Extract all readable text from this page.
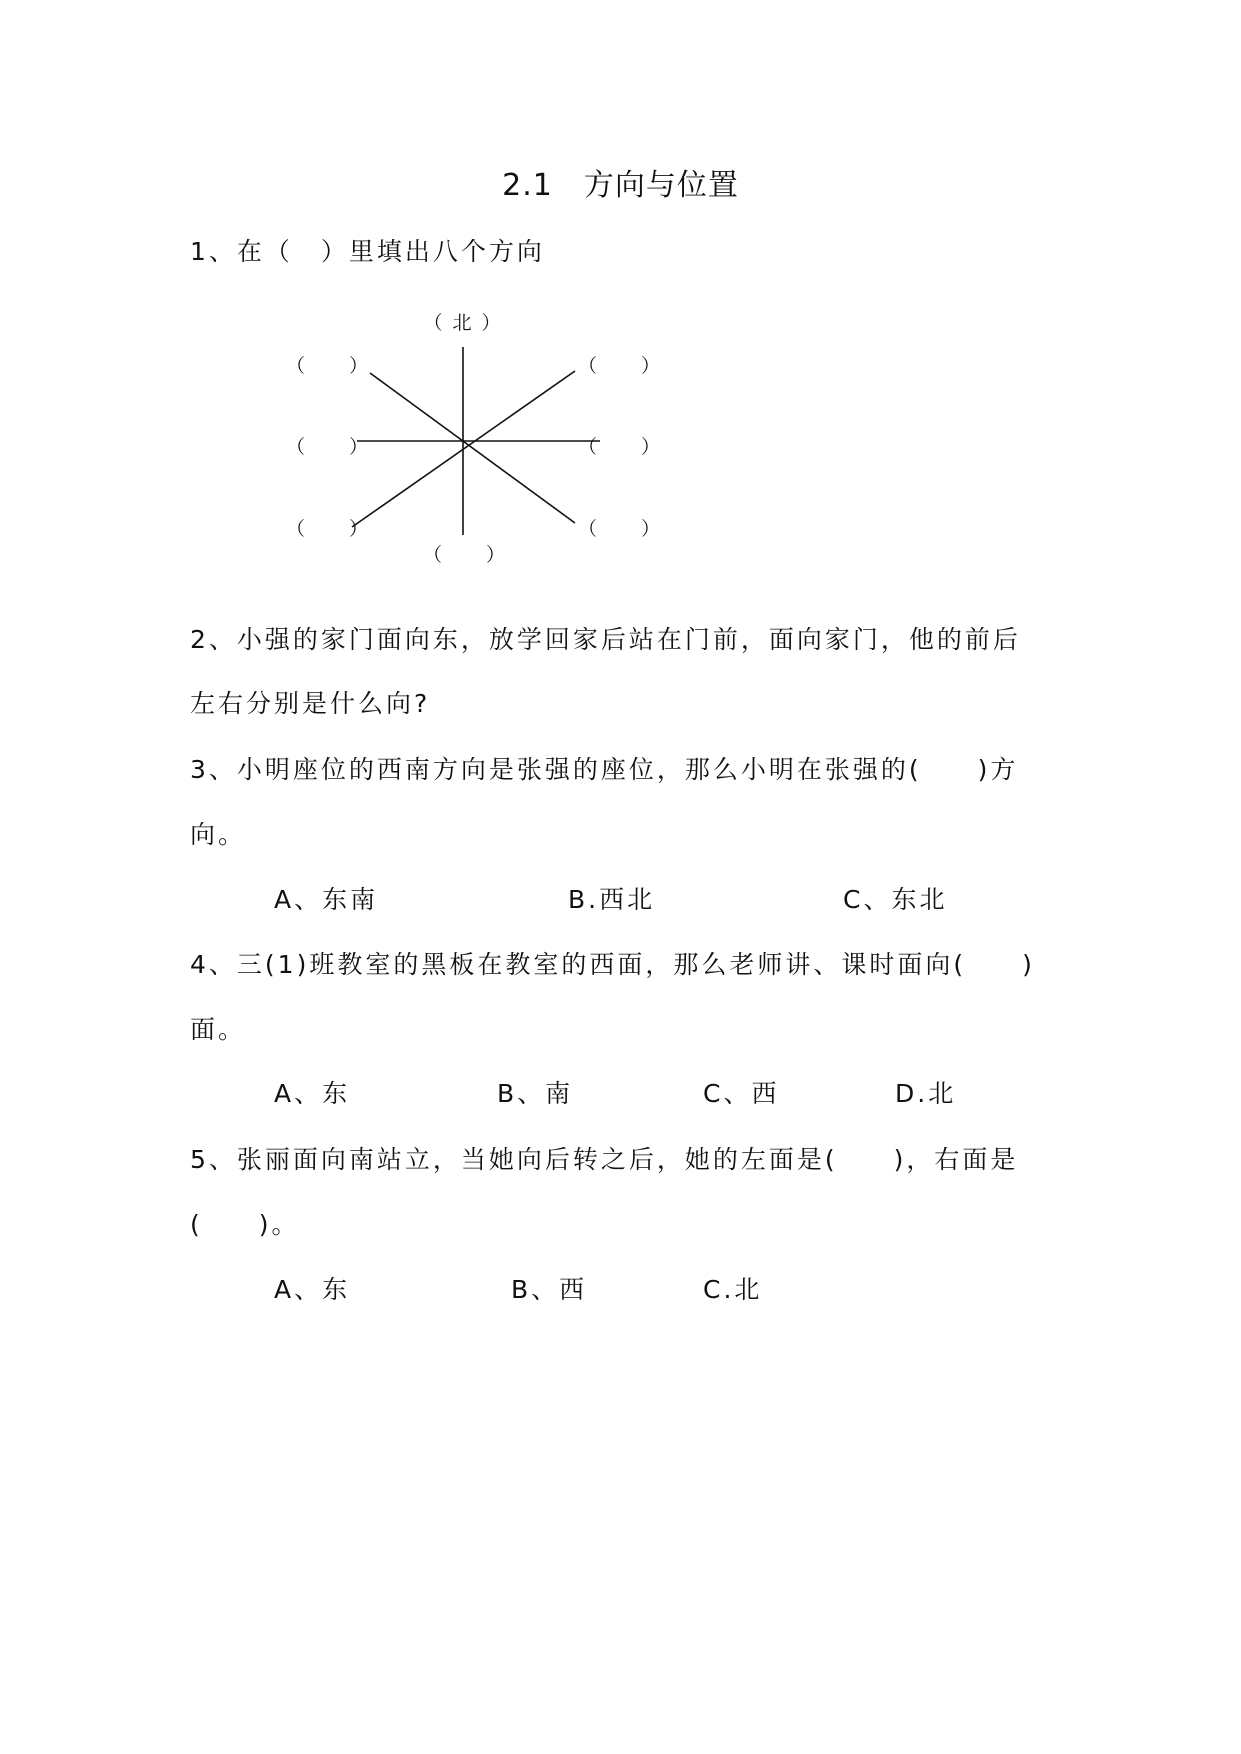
2.1　方向与位置
1、在（　）里填出八个方向
（ 北 ）
（　　）	（　　）
（　　）	（　　）
（　　）	（　　）
（　　）
2、小强的家门面向东，放学回家后站在门前，面向家门，他的前后
左右分别是什么向?
3、小明座位的西南方向是张强的座位，那么小明在张强的(　　)方
向。
A、东南	B.西北	C、东北
4、三(1)班教室的黑板在教室的西面，那么老师讲、课时面向(　　)
面。
A、东	B、南	C、西	D.北
5、张丽面向南站立，当她向后转之后，她的左面是(　　)，右面是
(　　)。
A、东	B、西	C.北
